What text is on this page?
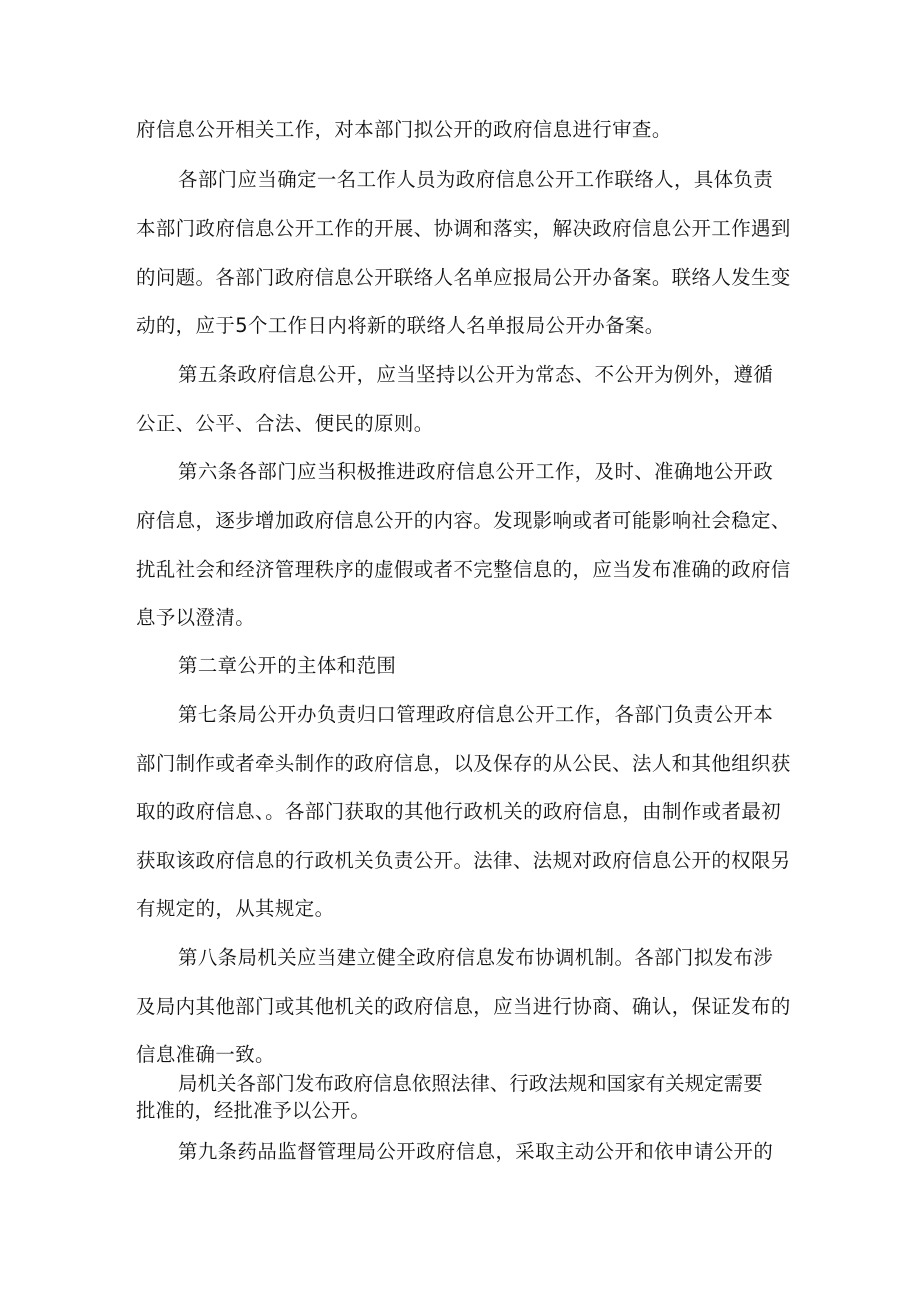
府信息公开相关工作，对本部门拟公开的政府信息进行审查。

各部门应当确定一名工作人员为政府信息公开工作联络人，具体负责

本部门政府信息公开工作的开展、协调和落实，解决政府信息公开工作遇到

的问题。各部门政府信息公开联络人名单应报局公开办备案。联络人发生变

动的，应于5个工作日内将新的联络人名单报局公开办备案。

第五条政府信息公开，应当坚持以公开为常态、不公开为例外，遵循

公正、公平、合法、便民的原则。

第六条各部门应当积极推进政府信息公开工作，及时、准确地公开政

府信息，逐步增加政府信息公开的内容。发现影响或者可能影响社会稳定、

扰乱社会和经济管理秩序的虚假或者不完整信息的，应当发布准确的政府信

息予以澄清。

第二章公开的主体和范围

第七条局公开办负责归口管理政府信息公开工作，各部门负责公开本

部门制作或者牵头制作的政府信息，以及保存的从公民、法人和其他组织获

取的政府信息、。各部门获取的其他行政机关的政府信息，由制作或者最初

获取该政府信息的行政机关负责公开。法律、法规对政府信息公开的权限另

有规定的，从其规定。

第八条局机关应当建立健全政府信息发布协调机制。各部门拟发布涉

及局内其他部门或其他机关的政府信息，应当进行协商、确认，保证发布的

信息准确一致。

局机关各部门发布政府信息依照法律、行政法规和国家有关规定需要

批准的，经批准予以公开。

第九条药品监督管理局公开政府信息，采取主动公开和依申请公开的
